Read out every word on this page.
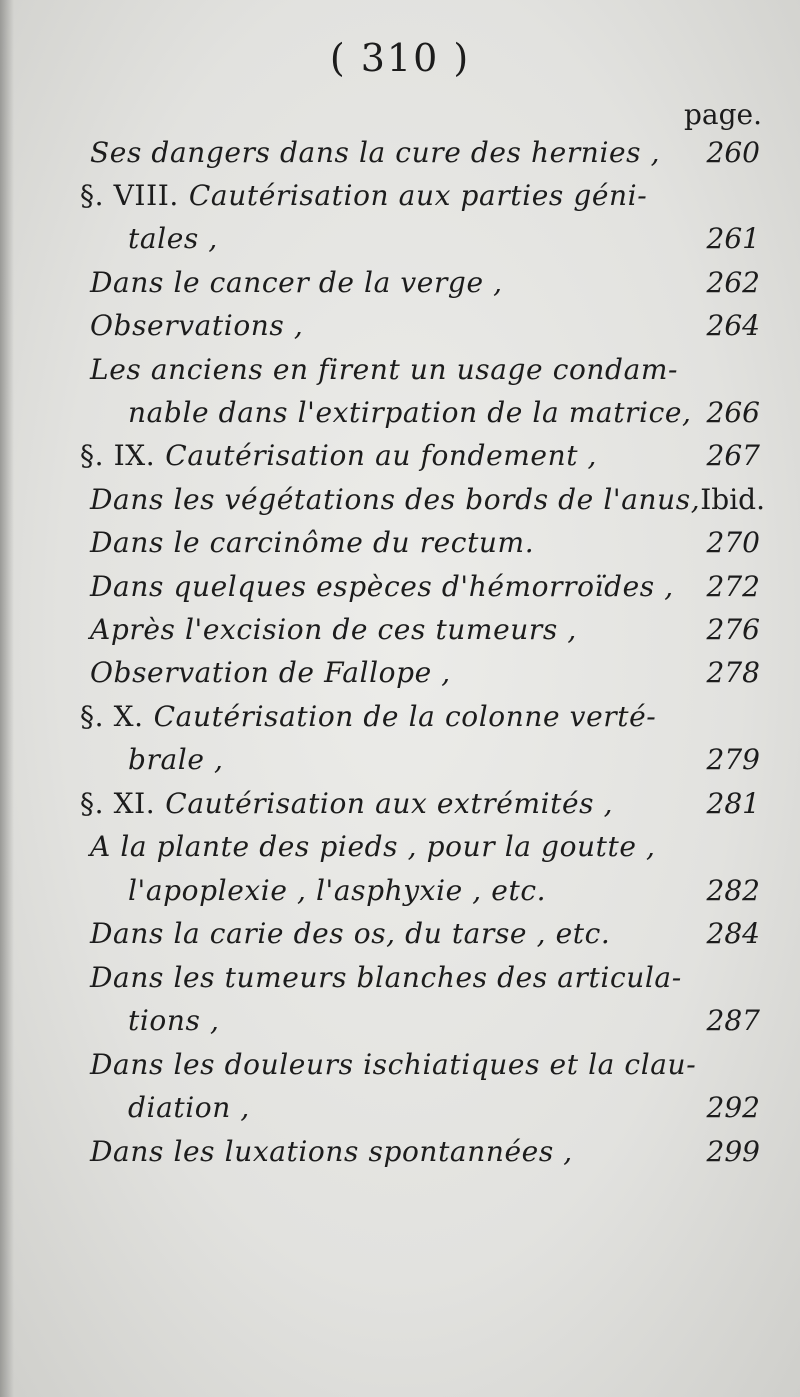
( 310 )
page.
Ses dangers dans la cure des hernies , 260
§. VIII. Cautérisation aux parties géni-
tales ,	261
Dans le cancer de la verge ,	262
Observations ,	264
Les anciens en firent un usage condam-
nable dans l'extirpation de la matrice, 266
§. IX. Cautérisation au fondement ,	267
Dans les végétations des bords de l'anus, Ibid.
Dans le carcinôme du rectum.	270
Dans quelques espèces d'hémorroïdes , 272
Après l'excision de ces tumeurs ,	276
Observation de Fallope ,	278
§. X. Cautérisation de la colonne verté-
brale ,	279
§. XI. Cautérisation aux extrémités ,	281
A la plante des pieds , pour la goutte ,
l'apoplexie , l'asphyxie , etc.	282
Dans la carie des os, du tarse , etc.	284
Dans les tumeurs blanches des articula-
tions ,	287
Dans les douleurs ischiatiques et la clau-
diation ,	292
Dans les luxations spontannées ,	299
